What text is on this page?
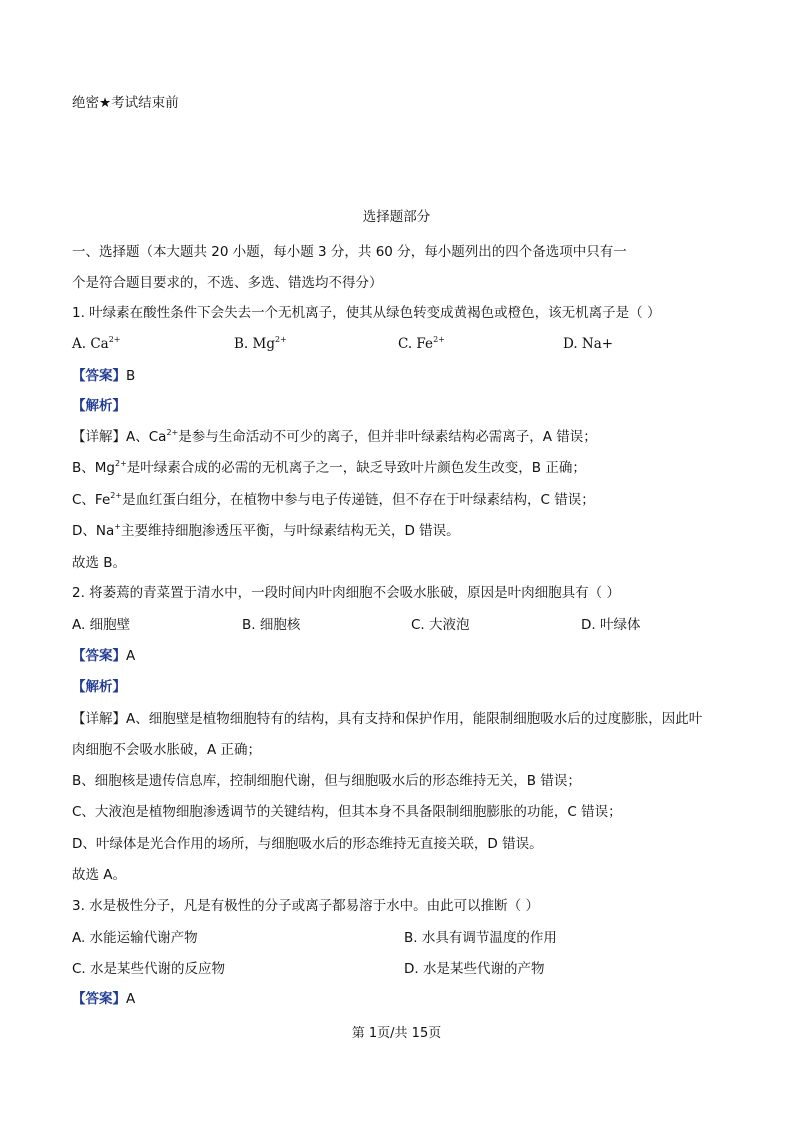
绝密★考试结束前
选择题部分
一、选择题（本大题共 20 小题，每小题 3 分，共 60 分，每小题列出的四个备选项中只有一
个是符合题目要求的，不选、多选、错选均不得分）
1. 叶绿素在酸性条件下会失去一个无机离子，使其从绿色转变成黄褐色或橙色，该无机离子是（ ）
A. $Ca^{2+}$	B. $Mg^{2+}$	C. $Fe^{2+}$	D. Na+
【答案】B
【解析】
【详解】A、$Ca^{2+}$是参与生命活动不可少的离子，但并非叶绿素结构必需离子，A 错误；
B、$Mg^{2+}$是叶绿素合成的必需的无机离子之一，缺乏导致叶片颜色发生改变，B 正确；
C、$Fe^{2+}$是血红蛋白组分，在植物中参与电子传递链，但不存在于叶绿素结构，C 错误；
D、Na+主要维持细胞渗透压平衡，与叶绿素结构无关，D 错误。
故选 B。
2. 将萎蔫的青菜置于清水中，一段时间内叶肉细胞不会吸水胀破，原因是叶肉细胞具有（ ）
A. 细胞壁	B. 细胞核	C. 大液泡	D. 叶绿体
【答案】A
【解析】
【详解】A、细胞壁是植物细胞特有的结构，具有支持和保护作用，能限制细胞吸水后的过度膨胀，因此叶
肉细胞不会吸水胀破，A 正确；
B、细胞核是遗传信息库，控制细胞代谢，但与细胞吸水后的形态维持无关，B 错误；
C、大液泡是植物细胞渗透调节的关键结构，但其本身不具备限制细胞膨胀的功能，C 错误；
D、叶绿体是光合作用的场所，与细胞吸水后的形态维持无直接关联，D 错误。
故选 A。
3. 水是极性分子，凡是有极性的分子或离子都易溶于水中。由此可以推断（ ）
A. 水能运输代谢产物	B. 水具有调节温度的作用
C. 水是某些代谢的反应物	D. 水是某些代谢的产物
【答案】A
第 1页/共 15页
